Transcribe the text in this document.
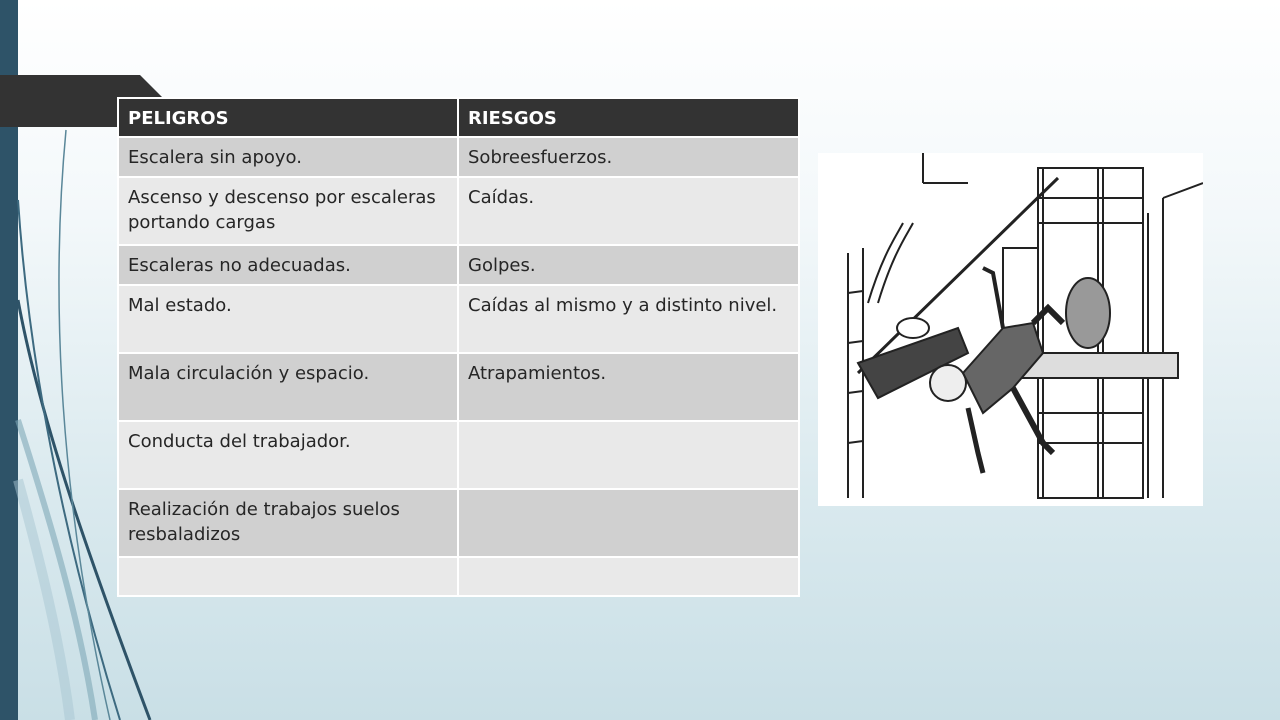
PELIGROS	RIESGOS
Escalera sin apoyo.	Sobreesfuerzos.
Ascenso y descenso por escaleras portando cargas	Caídas.
Escaleras no adecuadas.	Golpes.
Mal estado.	Caídas al mismo y a distinto nivel.
Mala circulación y espacio.	Atrapamientos.
Conducta del trabajador.	
Realización de trabajos suelos resbaladizos	
